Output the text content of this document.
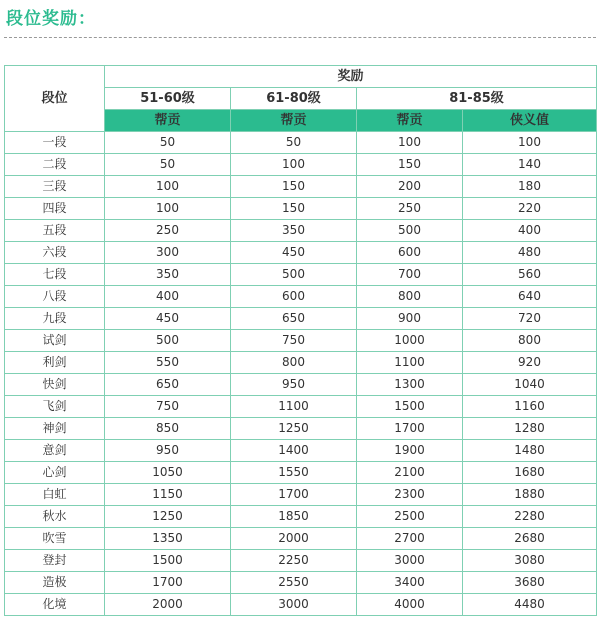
段位奖励：
段位	奖励			
	51-60级	61-80级	81-85级	
	帮贡	帮贡	帮贡	侠义值
一段	50	50	100	100
二段	50	100	150	140
三段	100	150	200	180
四段	100	150	250	220
五段	250	350	500	400
六段	300	450	600	480
七段	350	500	700	560
八段	400	600	800	640
九段	450	650	900	720
试剑	500	750	1000	800
利剑	550	800	1100	920
快剑	650	950	1300	1040
飞剑	750	1100	1500	1160
神剑	850	1250	1700	1280
意剑	950	1400	1900	1480
心剑	1050	1550	2100	1680
白虹	1150	1700	2300	1880
秋水	1250	1850	2500	2280
吹雪	1350	2000	2700	2680
登封	1500	2250	3000	3080
造极	1700	2550	3400	3680
化境	2000	3000	4000	4480
